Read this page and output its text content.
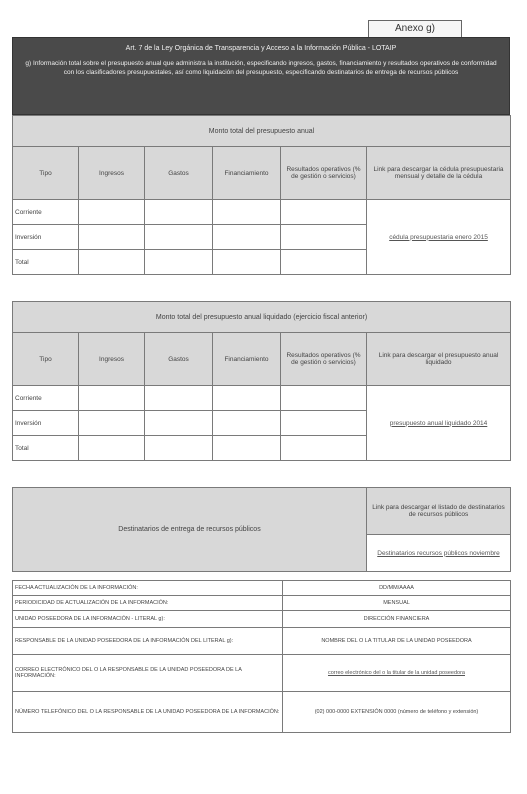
Anexo g)
Art. 7 de la Ley Orgánica de Transparencia y Acceso a la Información Pública - LOTAIP
g) Información total sobre el presupuesto anual que administra la institución, especificando ingresos, gastos, financiamiento y resultados operativos de conformidad con los clasificadores presupuestales, así como liquidación del presupuesto, especificando destinatarios de entrega de recursos públicos
Monto total del presupuesto anual					
Tipo	Ingresos	Gastos	Financiamiento	Resultados operativos (% de gestión o servicios)	Link para descargar la cédula presupuestaria mensual y detalle de la cédula
Corriente					cédula presupuestaria enero 2015
Inversión					
Total					
Monto total del presupuesto anual liquidado (ejercicio fiscal anterior)					
Tipo	Ingresos	Gastos	Financiamiento	Resultados operativos (% de gestión o servicios)	Link para descargar el presupuesto anual liquidado
Corriente					presupuesto anual liquidado 2014
Inversión					
Total					
Destinatarios de entrega de recursos públicos	Link para descargar el listado de destinatarios de recursos públicos
Destinatarios recursos públicos noviembre
FECHA ACTUALIZACIÓN DE LA INFORMACIÓN:	DD/MM/AAAA
PERIODICIDAD DE ACTUALIZACIÓN DE LA INFORMACIÓN:	MENSUAL
UNIDAD POSEEDORA DE LA INFORMACIÓN - LITERAL g):	DIRECCIÓN FINANCIERA
RESPONSABLE DE LA UNIDAD POSEEDORA DE LA INFORMACIÓN DEL LITERAL g):	NOMBRE DEL O LA TITULAR DE LA UNIDAD POSEEDORA
CORREO ELECTRÓNICO DEL O LA RESPONSABLE DE LA UNIDAD POSEEDORA DE LA INFORMACIÓN:	correo electrónico del o la titular de la unidad poseedora
NÚMERO TELEFÓNICO DEL O LA RESPONSABLE DE LA UNIDAD POSEEDORA DE LA INFORMACIÓN:	(02) 000-0000 EXTENSIÓN 0000 (número de teléfono y extensión)
